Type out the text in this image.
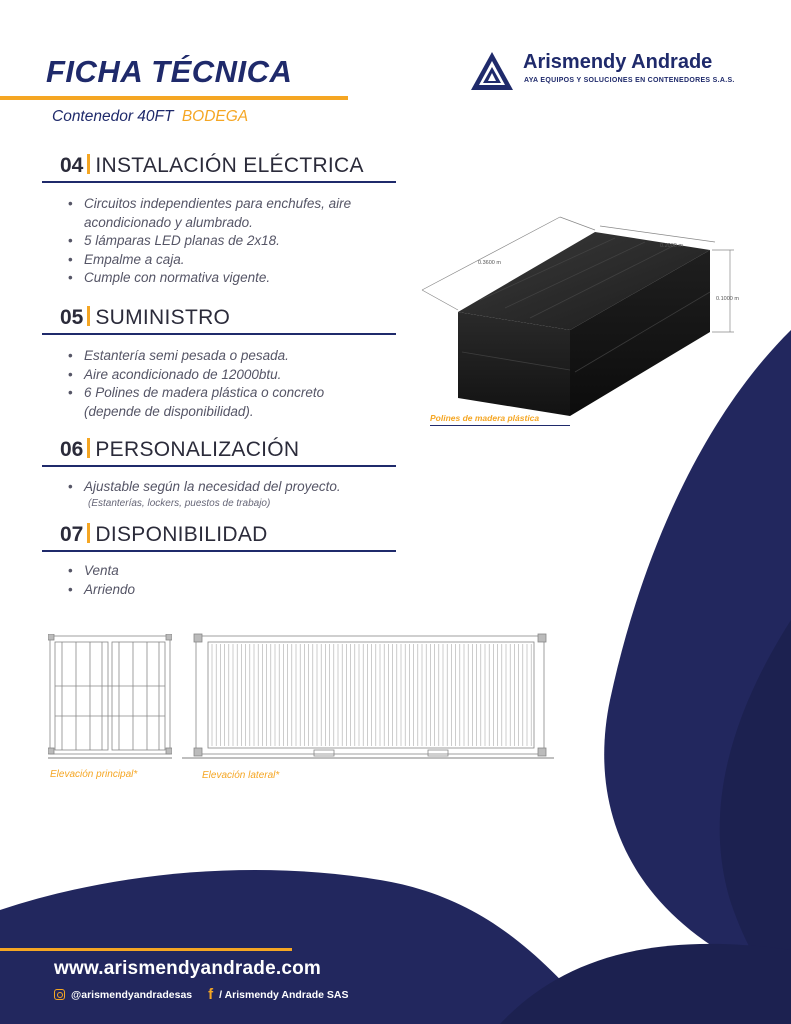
FICHA TÉCNICA
Contenedor 40FT BODEGA
Arismendy Andrade
AYA EQUIPOS Y SOLUCIONES EN CONTENEDORES S.A.S.
04 INSTALACIÓN ELÉCTRICA
• Circuitos independientes para enchufes, aire
acondicionado y alumbrado.
• 5 lámparas LED planas de 2x18.
• Empalme a caja.
• Cumple con normativa vigente.
05 SUMINISTRO
• Estantería semi pesada o pesada.
• Aire acondicionado de 12000btu.
• 6 Polines de madera plástica o concreto
(depende de disponibilidad).
06 PERSONALIZACIÓN
• Ajustable según la necesidad del proyecto.
(Estanterías, lockers, puestos de trabajo)
07 DISPONIBILIDAD
• Venta
• Arriendo
0.3600 m
0.2000 m
0.1000 m
Polines de madera plástica
Elevación principal*	Elevación lateral*
www.arismendyandrade.com
@arismendyandradesas f / Arismendy Andrade SAS
